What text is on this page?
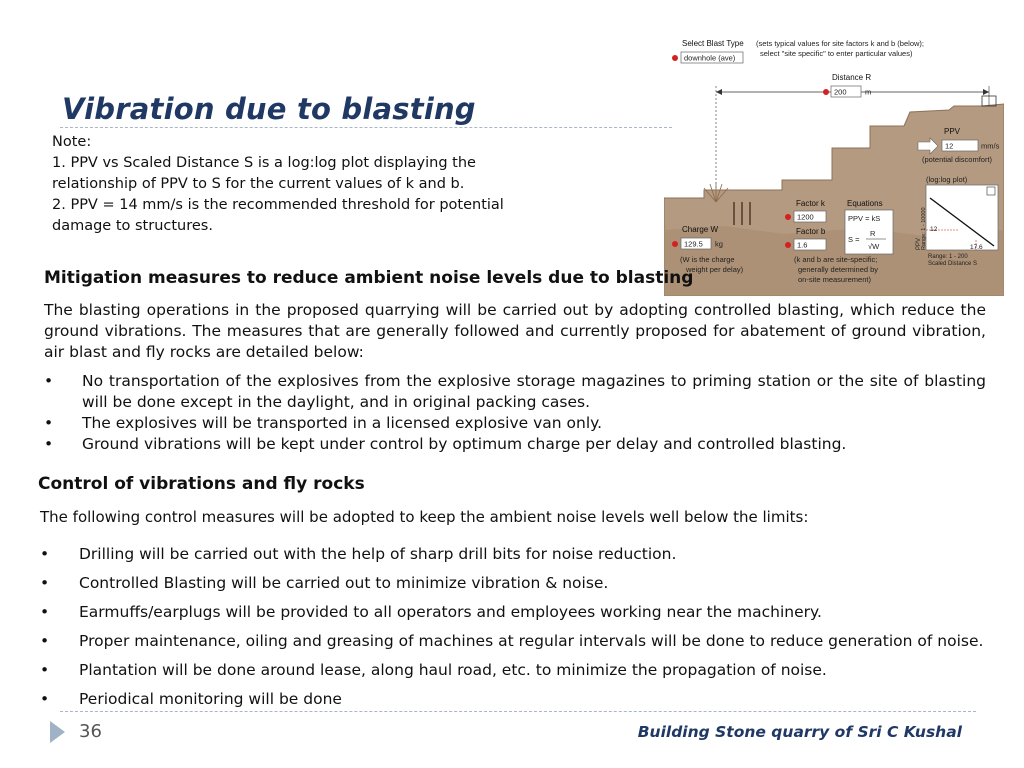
Vibration due to blasting
Note:
1. PPV vs Scaled Distance S is a log:log plot displaying the
relationship of PPV to S for the current values of k and b.
2. PPV = 14 mm/s is the recommended threshold for potential
damage to structures.
Select Blast Type (sets typical values for site factors k and b (below);
select "site specific" to enter particular values)
downhole (ave)
Distance R
200 m
PPV
12	mm/s
(potential discomfort)
(log:log plot)
12
17.6
PPV Range: 1 - 10000
Range: 1 - 200
Scaled Distance S
Factor k
1200
Factor b
1.6
Equations
PPV = kS
S =
R
√W
Charge W
129.5 kg
(W is the charge
weight per delay)
(k and b are site-specific;
generally determined by
on-site measurement)
Mitigation measures to reduce ambient noise levels due to blasting
The blasting operations in the proposed quarrying will be carried out by adopting controlled blasting, which reduce the ground vibrations. The measures that are generally followed and currently proposed for abatement of ground vibration, air blast and fly rocks are detailed below:
• No transportation of the explosives from the explosive storage magazines to priming station or the site of blasting will be done except in the daylight, and in original packing cases.
• The explosives will be transported in a licensed explosive van only.
• Ground vibrations will be kept under control by optimum charge per delay and controlled blasting.
Control of vibrations and fly rocks
The following control measures will be adopted to keep the ambient noise levels well below the limits:
• Drilling will be carried out with the help of sharp drill bits for noise reduction.
• Controlled Blasting will be carried out to minimize vibration & noise.
• Earmuffs/earplugs will be provided to all operators and employees working near the machinery.
• Proper maintenance, oiling and greasing of machines at regular intervals will be done to reduce generation of noise.
• Plantation will be done around lease, along haul road, etc. to minimize the propagation of noise.
• Periodical monitoring will be done
36	Building Stone quarry of Sri C Kushal
